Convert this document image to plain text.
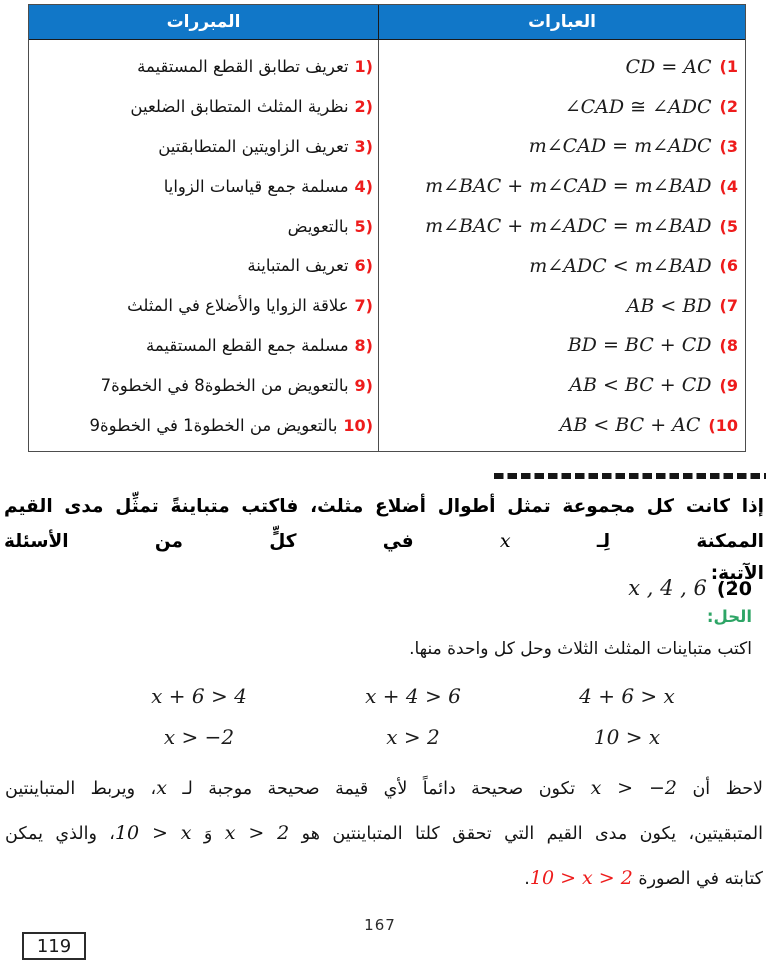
المبررات	العبارات
تعريف تطابق القطع المستقيمة 1)
نظرية المثلث المتطابق الضلعين 2)
تعريف الزاويتين المتطابقتين 3)
مسلمة جمع قياسات الزوايا 4)
بالتعويض 5)
تعريف المتباينة 6)
علاقة الزوايا والأضلاع في المثلث 7)
مسلمة جمع القطع المستقيمة 8)
بالتعويض من الخطوة8 في الخطوة7 9)
بالتعويض من الخطوة1 في الخطوة9 10)
CD = AC (1
∠CAD ≅ ∠ADC (2
m∠CAD = m∠ADC (3
m∠BAC + m∠CAD = m∠BAD (4
m∠BAC + m∠ADC = m∠BAD (5
m∠ADC < m∠BAD (6
AB < BD (7
BD = BC + CD (8
AB < BC + CD (9
AB < BC + AC (10
إذا كانت كل مجموعة تمثل أطوال أضلاع مثلث، فاكتب متباينةً تمثِّل مدى القيم الممكنة لِـ x في كلٍّ من الأسئلة
الآتية:
x , 4 , 6 (20
الحل:
اكتب متباينات المثلث الثلاث وحل كل واحدة منها.
4 + 6 > x
10 > x
x + 4 > 6
x > 2
x + 6 > 4
x > −2
لاحظ أن x > −2 تكون صحيحة دائماً لأي قيمة صحيحة موجبة لـ x، ويربط المتباينتين
المتبقيتين، يكون مدى القيم التي تحقق كلتا المتباينتين هو x > 2 وَ 10 > x، والذي يمكن
كتابته في الصورة 10 > x > 2.
167
119
